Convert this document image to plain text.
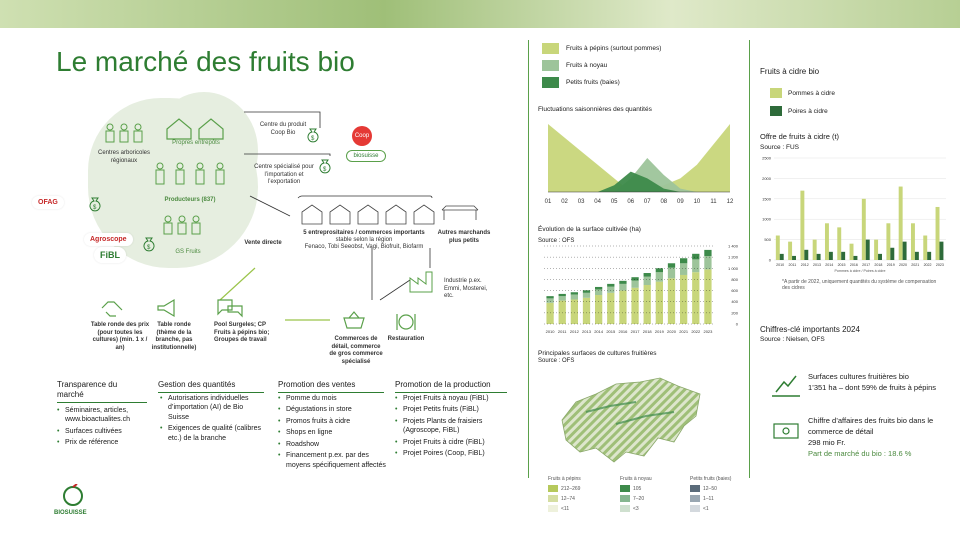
Le marché des fruits bio
Propres entrepôts
Centres arboricoles régionaux
Producteurs (837)
GS Fruits
OFAG
Agroscope
FiBL
$
$
$
$
Centre du produit Coop Bio
Centre spécialisé pour l’importation et l’exportation
Coop
biosuisse
5 entreprositaires / commerces importants
stable selon la région
Fenaco, Tobi Seeobst, Vagi, Biofruit, Biofarm
Autres marchands plus petits
Vente directe
Industrie p.ex. Emmi, Mosterei, etc.
Commerces de détail, commerce de gros commerce spécialisé
Restauration
Table ronde des prix (pour toutes les cultures) (min. 1 x / an)
Table ronde (thème de la branche, pas institutionnelle)
Pool Surgeles; CP Fruits à pépins bio; Groupes de travail
Transparence du marché
• Séminaires, articles, www.bioactualites.ch
• Surfaces cultivées
• Prix de référence
Gestion des quantités
• Autorisations individuelles d’importation (AI) de Bio Suisse
• Exigences de qualité (calibres etc.) de la branche
Promotion des ventes
• Pomme du mois
• Dégustations in store
• Promos fruits à cidre
• Shops en ligne
• Roadshow
• Financement p.ex. par des moyens spécifiquement affectés
Promotion de la production
• Projet Fruits à noyau (FiBL)
• Projet Petits fruits (FiBL)
• Projets Plants de fraisiers (Agroscope, FiBL)
• Projet Fruits à cidre (FiBL)
• Projet Poires (Coop, FiBL)
BIOSUISSE
Fruits à pépins (surtout pommes)
Fruits à noyau
Petits fruits (baies)
Fluctuations saisonnières des quantités
01 02 03 04 05 06 07 08 09 10 11 12
Évolution de la surface cultivée (ha)
Source : OFS
2010 2011 2012 2013 2014 2015 2016 2017 2018 2019 2020 2021 2022 2023
0
200
400
600
800
1 000
1 200
1 400
Principales surfaces de cultures fruitières
Source : OFS
Fruits à pépins
212–269
12–74
<11
Fruits à noyau
105
7–20
<3
Petits fruits (baies)
12–50
1–11
<1
Fruits à cidre bio
Pommes à cidre
Poires à cidre
Offre de fruits à cidre (t)
Source : FUS
0
500
1000
1500
2000
2500
2010 2011 2012 2013 2014 2015 2016 2017 2018 2019 2020 2021 2022 2023
Pommes à cidre / Poires à cidre
*A partir de 2022, uniquement quantités du système de compensation des cidres
Chiffres-clé importants 2024
Source : Nielsen, OFS
Surfaces cultures fruitières bio
1’351 ha – dont 59% de fruits à pépins
Chiffre d’affaires des fruits bio dans le commerce de détail
298 mio Fr.
Part de marché du bio : 18.6 %
